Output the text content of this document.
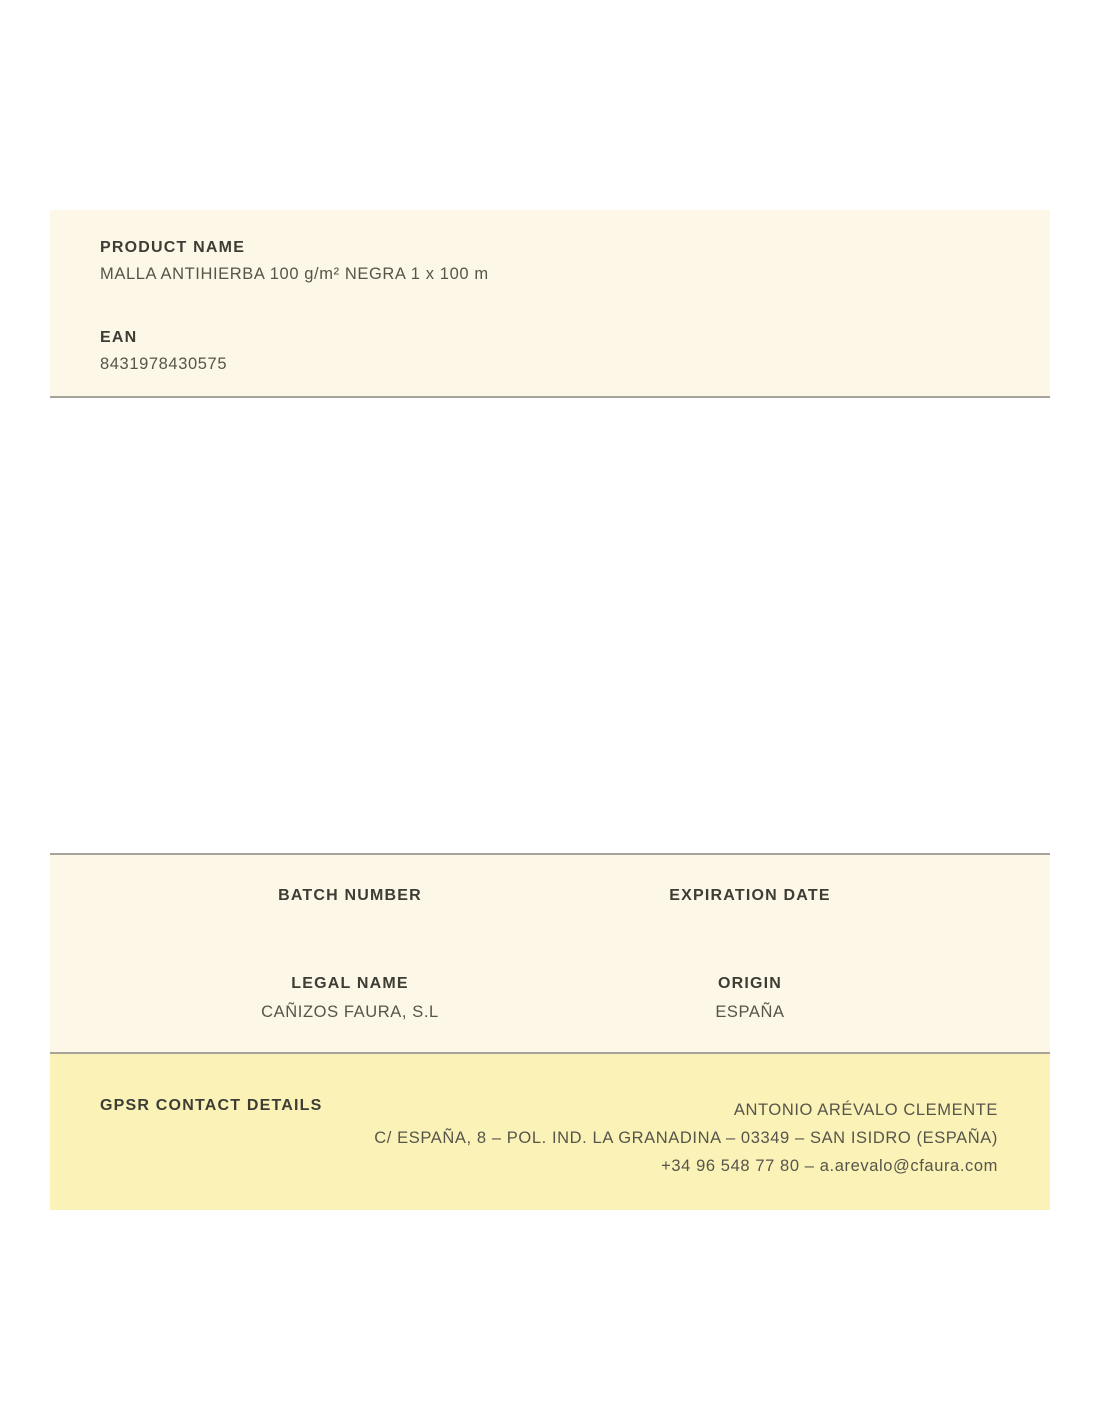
PRODUCT NAME
MALLA ANTIHIERBA 100 g/m² NEGRA 1 x 100 m
EAN
8431978430575
BATCH NUMBER	EXPIRATION DATE
LEGAL NAME
CAÑIZOS FAURA, S.L
ORIGIN
ESPAÑA
GPSR CONTACT DETAILS	ANTONIO ARÉVALO CLEMENTE
C/ ESPAÑA, 8 – POL. IND. LA GRANADINA – 03349 – SAN ISIDRO (ESPAÑA)
+34 96 548 77 80 – a.arevalo@cfaura.com
